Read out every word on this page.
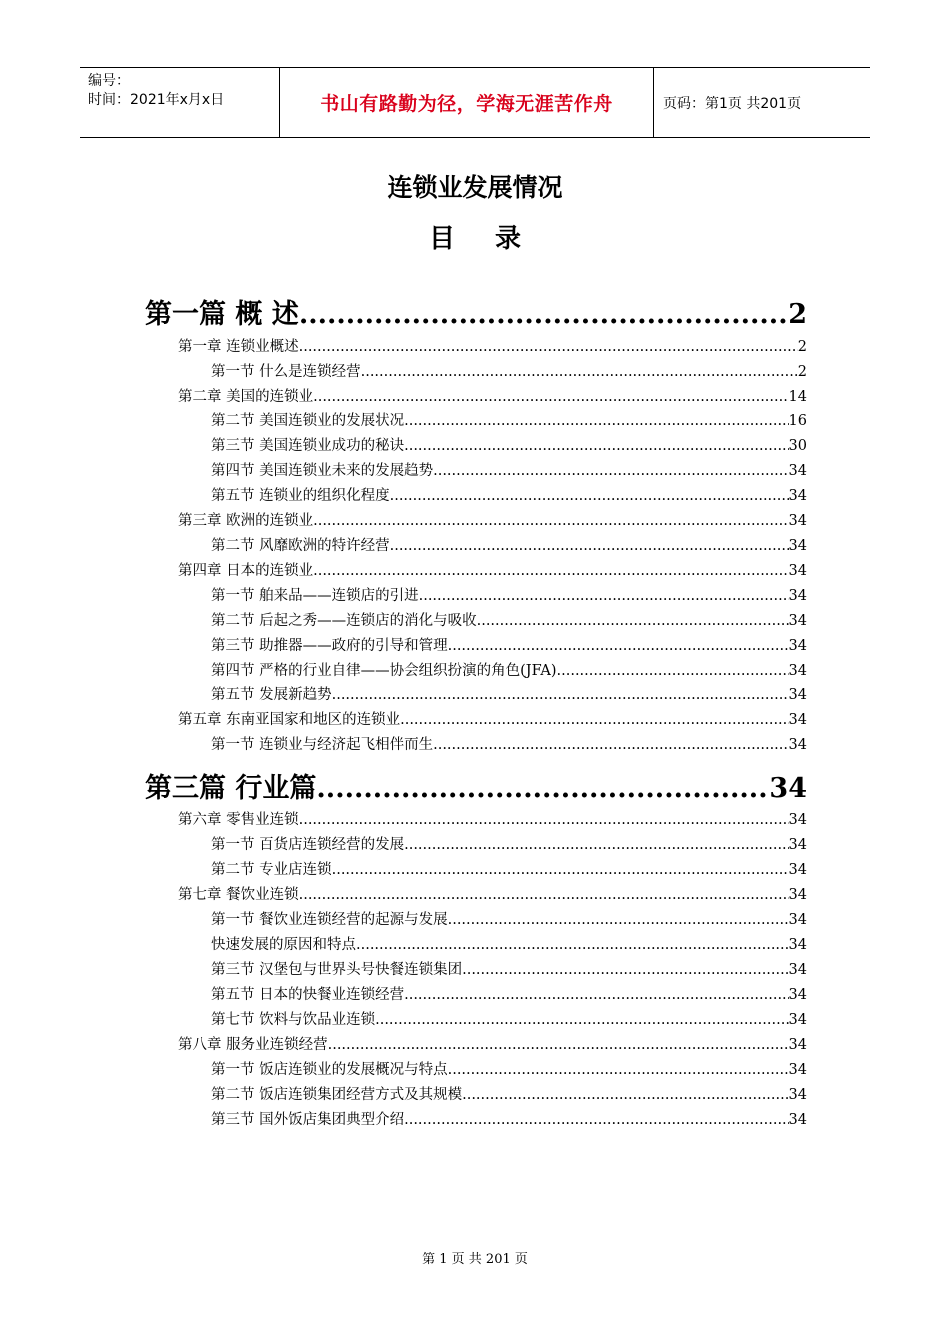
编号：
时间：2021年x月x日	书山有路勤为径，学海无涯苦作舟	页码：第1页 共201页
连锁业发展情况
目录
第一篇 概 述 .....	2
第一章 连锁业概述 .....	2
第一节 什么是连锁经营 .....	2
第二章 美国的连锁业 .....	14
第二节 美国连锁业的发展状况 .....	16
第三节 美国连锁业成功的秘诀 .....	30
第四节 美国连锁业未来的发展趋势 .....	34
第五节 连锁业的组织化程度 .....	34
第三章 欧洲的连锁业 .....	34
第二节 风靡欧洲的特许经营 .....	34
第四章 日本的连锁业 .....	34
第一节 舶来品——连锁店的引进 .....	34
第二节 后起之秀——连锁店的消化与吸收 .....	34
第三节 助推器——政府的引导和管理 .....	34
第四节 严格的行业自律——协会组织扮演的角色(JFA) .....	34
第五节 发展新趋势 .....	34
第五章 东南亚国家和地区的连锁业 .....	34
第一节 连锁业与经济起飞相伴而生 .....	34
第三篇 行业篇 .....	34
第六章 零售业连锁 .....	34
第一节 百货店连锁经营的发展 .....	34
第二节 专业店连锁 .....	34
第七章 餐饮业连锁 .....	34
第一节 餐饮业连锁经营的起源与发展 .....	34
快速发展的原因和特点 .....	34
第三节 汉堡包与世界头号快餐连锁集团 .....	34
第五节 日本的快餐业连锁经营 .....	34
第七节 饮料与饮品业连锁 .....	34
第八章 服务业连锁经营 .....	34
第一节 饭店连锁业的发展概况与特点 .....	34
第二节 饭店连锁集团经营方式及其规模 .....	34
第三节 国外饭店集团典型介绍 .....	34
第 1 页 共 201 页
